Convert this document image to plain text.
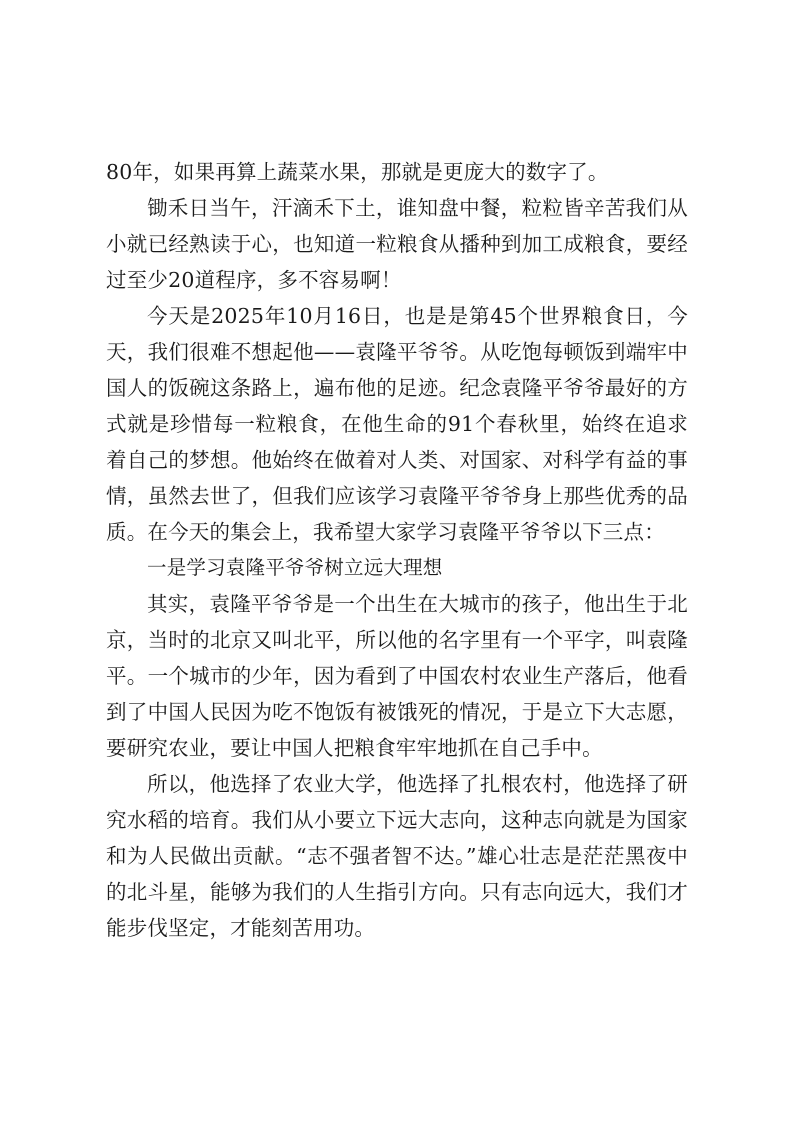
80年，如果再算上蔬菜水果，那就是更庞大的数字了。

锄禾日当午，汗滴禾下土，谁知盘中餐，粒粒皆辛苦我们从小就已经熟读于心，也知道一粒粮食从播种到加工成粮食，要经过至少20道程序，多不容易啊！

今天是2025年10月16日，也是是第45个世界粮食日，今天，我们很难不想起他——袁隆平爷爷。从吃饱每顿饭到端牢中国人的饭碗这条路上，遍布他的足迹。纪念袁隆平爷爷最好的方式就是珍惜每一粒粮食，在他生命的91个春秋里，始终在追求着自己的梦想。他始终在做着对人类、对国家、对科学有益的事情，虽然去世了，但我们应该学习袁隆平爷爷身上那些优秀的品质。在今天的集会上，我希望大家学习袁隆平爷爷以下三点：

一是学习袁隆平爷爷树立远大理想

其实，袁隆平爷爷是一个出生在大城市的孩子，他出生于北京，当时的北京又叫北平，所以他的名字里有一个平字，叫袁隆平。一个城市的少年，因为看到了中国农村农业生产落后，他看到了中国人民因为吃不饱饭有被饿死的情况，于是立下大志愿，要研究农业，要让中国人把粮食牢牢地抓在自己手中。

所以，他选择了农业大学，他选择了扎根农村，他选择了研究水稻的培育。我们从小要立下远大志向，这种志向就是为国家和为人民做出贡献。“志不强者智不达。”雄心壮志是茫茫黑夜中的北斗星，能够为我们的人生指引方向。只有志向远大，我们才能步伐坚定，才能刻苦用功。
